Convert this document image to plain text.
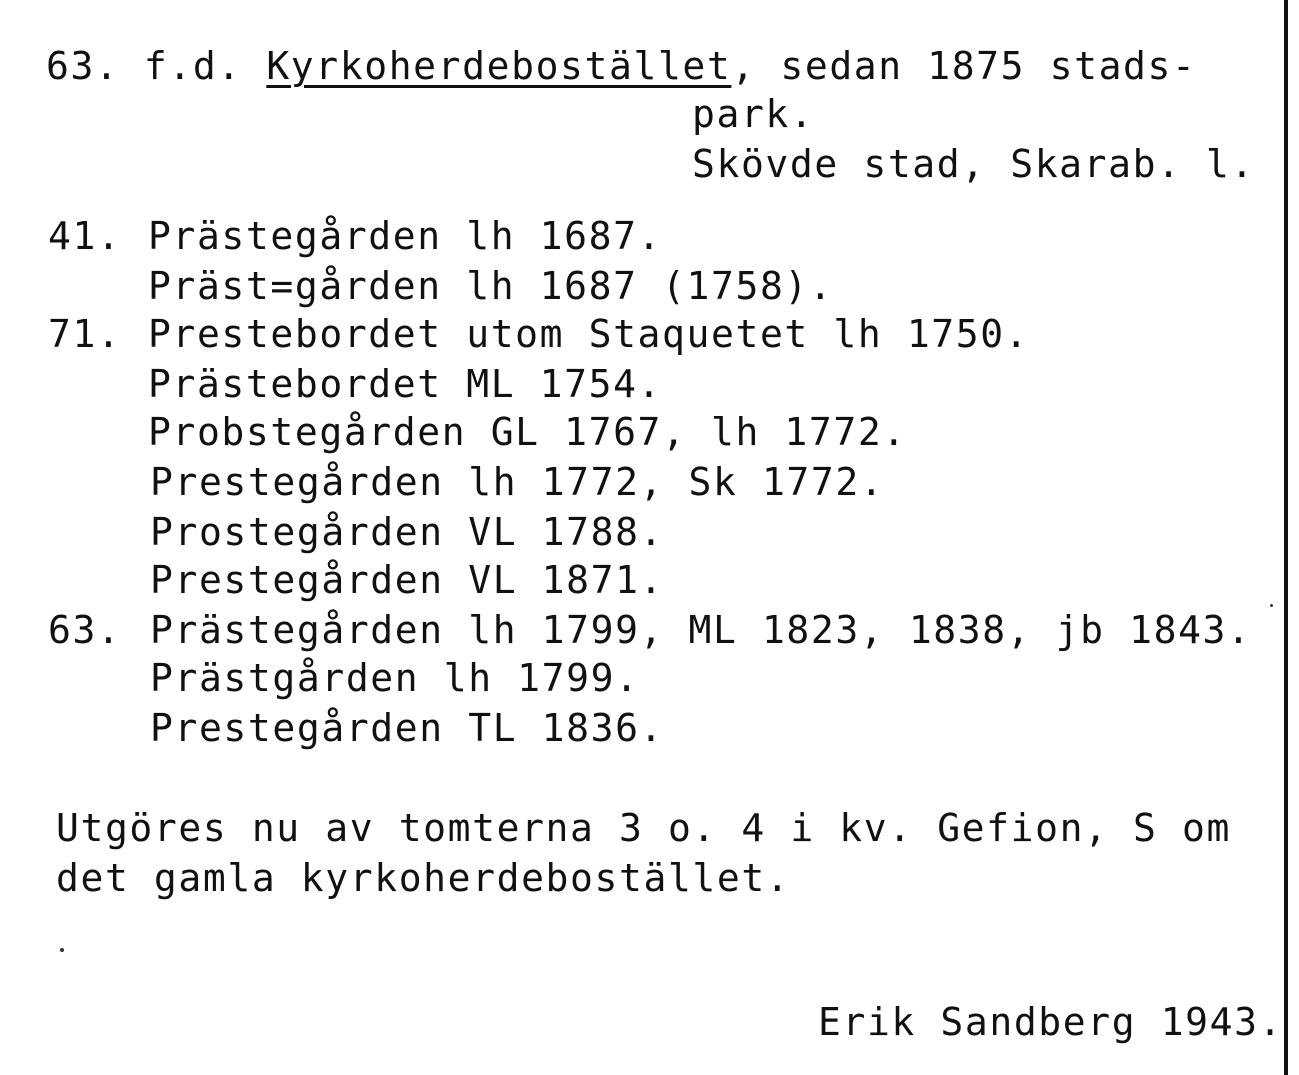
63. f.d. Kyrkoherdebostället, sedan 1875 stads-
park.
Skövde stad, Skarab. l.
41. Prästegården lh 1687.
Präst=gården lh 1687 (1758).
71. Prestebordet utom Staquetet lh 1750.
Prästebordet ML 1754.
Probstegården GL 1767, lh 1772.
Prestegården lh 1772, Sk 1772.
Prostegården VL 1788.
Prestegården VL 1871.
63. Prästegården lh 1799, ML 1823, 1838, jb 1843.
Prästgården lh 1799.
Prestegården TL 1836.
Utgöres nu av tomterna 3 o. 4 i kv. Gefion, S om
det gamla kyrkoherdebostället.
Erik Sandberg 1943.
